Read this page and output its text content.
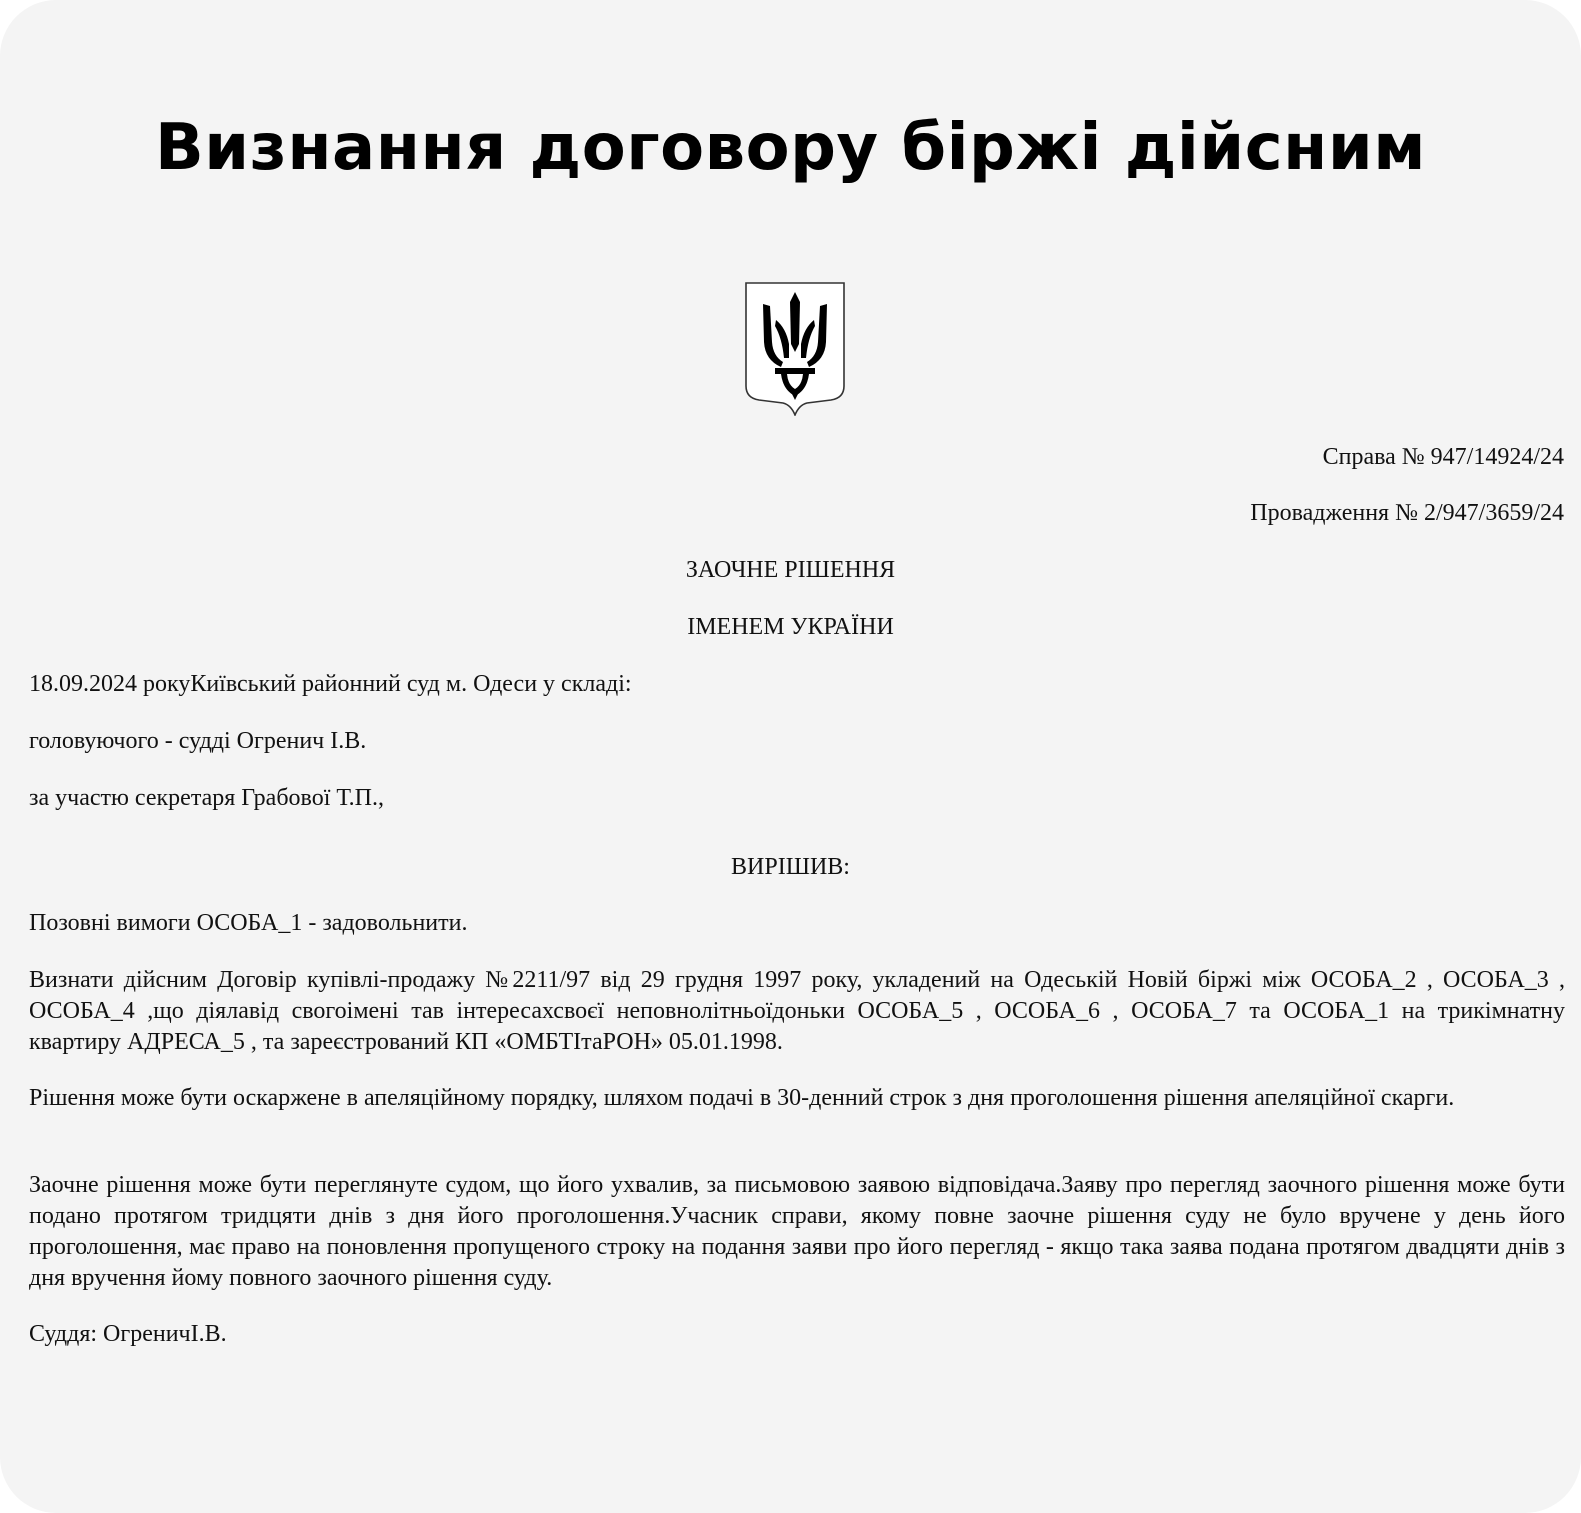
Визнання договору біржі дійсним
Справа № 947/14924/24
Провадження № 2/947/3659/24
ЗАОЧНЕ РІШЕННЯ
ІМЕНЕМ УКРАЇНИ
18.09.2024 рокуКиївський районний суд м. Одеси у складі:
головуючого - судді Огренич І.В.
за участю секретаря Грабової Т.П.,
ВИРІШИВ:
Позовні вимоги ОСОБА_1 - задовольнити.
Визнати дійсним Договір купівлі-продажу №2211/97 від 29 грудня 1997 року, укладений на Одеській Новій біржі між ОСОБА_2 , ОСОБА_3 , ОСОБА_4 ,що діялавід свогоімені тав інтересахсвоєї неповнолітньоїдоньки ОСОБА_5 , ОСОБА_6 , ОСОБА_7 та ОСОБА_1 на трикімнатну квартиру АДРЕСА_5 , та зареєстрований КП «ОМБТІтаРОН» 05.01.1998.
Рішення може бути оскаржене в апеляційному порядку, шляхом подачі в 30-денний строк з дня проголошення рішення апеляційної скарги.
Заочне рішення може бути переглянуте судом, що його ухвалив, за письмовою заявою відповідача.Заяву про перегляд заочного рішення може бути подано протягом тридцяти днів з дня його проголошення.Учасник справи, якому повне заочне рішення суду не було вручене у день його проголошення, має право на поновлення пропущеного строку на подання заяви про його перегляд - якщо така заява подана протягом двадцяти днів з дня вручення йому повного заочного рішення суду.
Суддя: ОгреничІ.В.
